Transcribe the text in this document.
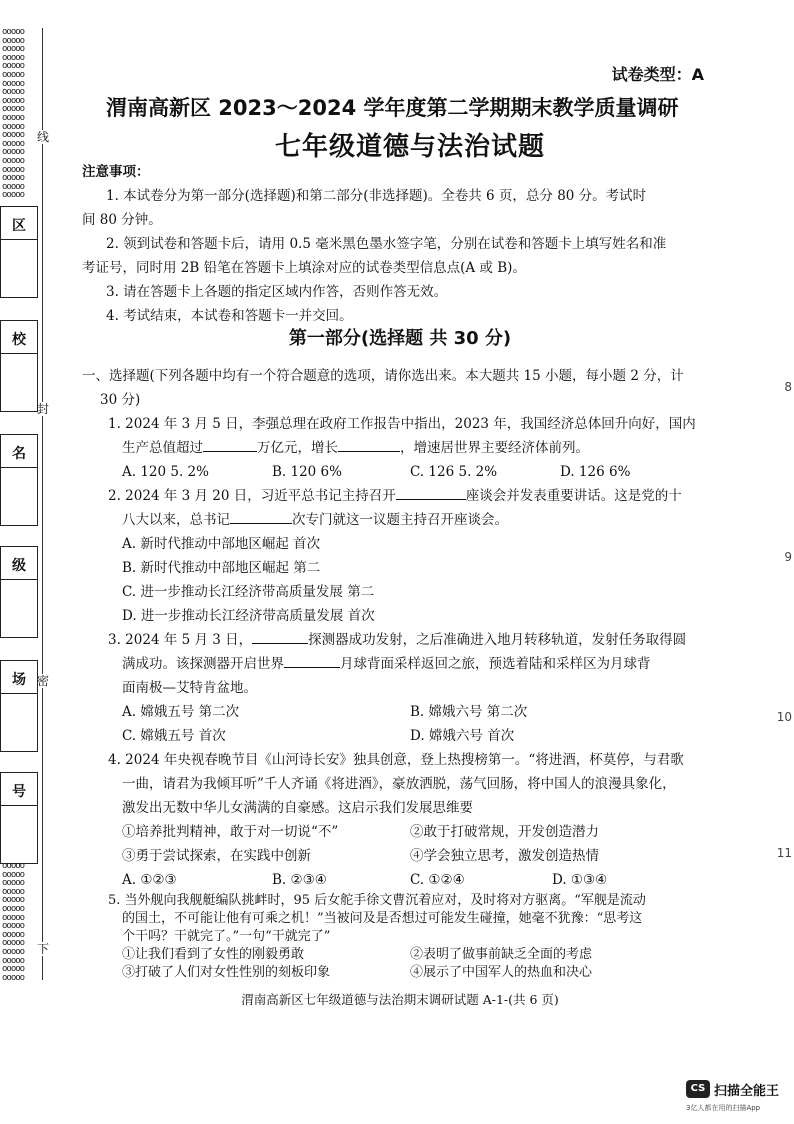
ooooo
ooooo
ooooo
ooooo
ooooo
ooooo
ooooo
ooooo
ooooo
ooooo
ooooo
ooooo
ooooo
ooooo
ooooo
ooooo
ooooo
ooooo
ooooo
ooooo
ooooo
ooooo
ooooo
ooooo
ooooo
ooooo
ooooo
ooooo
ooooo
ooooo
ooooo
ooooo
ooooo
ooooo
线
封
密
下
区
校
名
级
场
号
试卷类型：A
渭南高新区 2023～2024 学年度第二学期期末教学质量调研
七年级道德与法治试题
注意事项：
1. 本试卷分为第一部分(选择题)和第二部分(非选择题)。全卷共 6 页，总分 80 分。考试时
间 80 分钟。
2. 领到试卷和答题卡后，请用 0.5 毫米黑色墨水签字笔，分别在试卷和答题卡上填写姓名和准
考证号，同时用 2B 铅笔在答题卡上填涂对应的试卷类型信息点(A 或 B)。
3. 请在答题卡上各题的指定区域内作答，否则作答无效。
4. 考试结束，本试卷和答题卡一并交回。
第一部分(选择题 共 30 分)
一、选择题(下列各题中均有一个符合题意的选项，请你选出来。本大题共 15 小题，每小题 2 分，计
30 分)
1. 2024 年 3 月 5 日，李强总理在政府工作报告中指出，2023 年，我国经济总体回升向好，国内
生产总值超过	万亿元，增长	，增速居世界主要经济体前列。
A. 120 5. 2%	B. 120 6%	C. 126 5. 2%	D. 126 6%
2. 2024 年 3 月 20 日，习近平总书记主持召开	座谈会并发表重要讲话。这是党的十
八大以来，总书记	次专门就这一议题主持召开座谈会。
A. 新时代推动中部地区崛起 首次
B. 新时代推动中部地区崛起 第二
C. 进一步推动长江经济带高质量发展 第二
D. 进一步推动长江经济带高质量发展 首次
3. 2024 年 5 月 3 日，	探测器成功发射，之后准确进入地月转移轨道，发射任务取得圆
满成功。该探测器开启世界	月球背面采样返回之旅，预选着陆和采样区为月球背
面南极—艾特肯盆地。
A. 嫦娥五号 第二次	B. 嫦娥六号 第二次
C. 嫦娥五号 首次	D. 嫦娥六号 首次
4. 2024 年央视春晚节目《山河诗长安》独具创意，登上热搜榜第一。“将进酒，杯莫停，与君歌
一曲，请君为我倾耳听”千人齐诵《将进酒》，豪放洒脱，荡气回肠，将中国人的浪漫具象化，
激发出无数中华儿女满满的自豪感。这启示我们发展思维要
①培养批判精神，敢于对一切说“不”	②敢于打破常规，开发创造潜力
③勇于尝试探索，在实践中创新	④学会独立思考，激发创造热情
A. ①②③	B. ②③④	C. ①②④	D. ①③④
5. 当外舰向我舰艇编队挑衅时，95 后女舵手徐文曹沉着应对，及时将对方驱离。“军舰是流动
的国土，不可能让他有可乘之机！”当被问及是否想过可能发生碰撞，她毫不犹豫：“思考这
个干吗？干就完了。”一句“干就完了”
①让我们看到了女性的刚毅勇敢	②表明了做事前缺乏全面的考虑
③打破了人们对女性性别的刻板印象	④展示了中国军人的热血和决心
渭南高新区七年级道德与法治期末调研试题 A-1-(共 6 页)
8
9
10
11
CS 扫描全能王
3亿人都在用的扫描App
